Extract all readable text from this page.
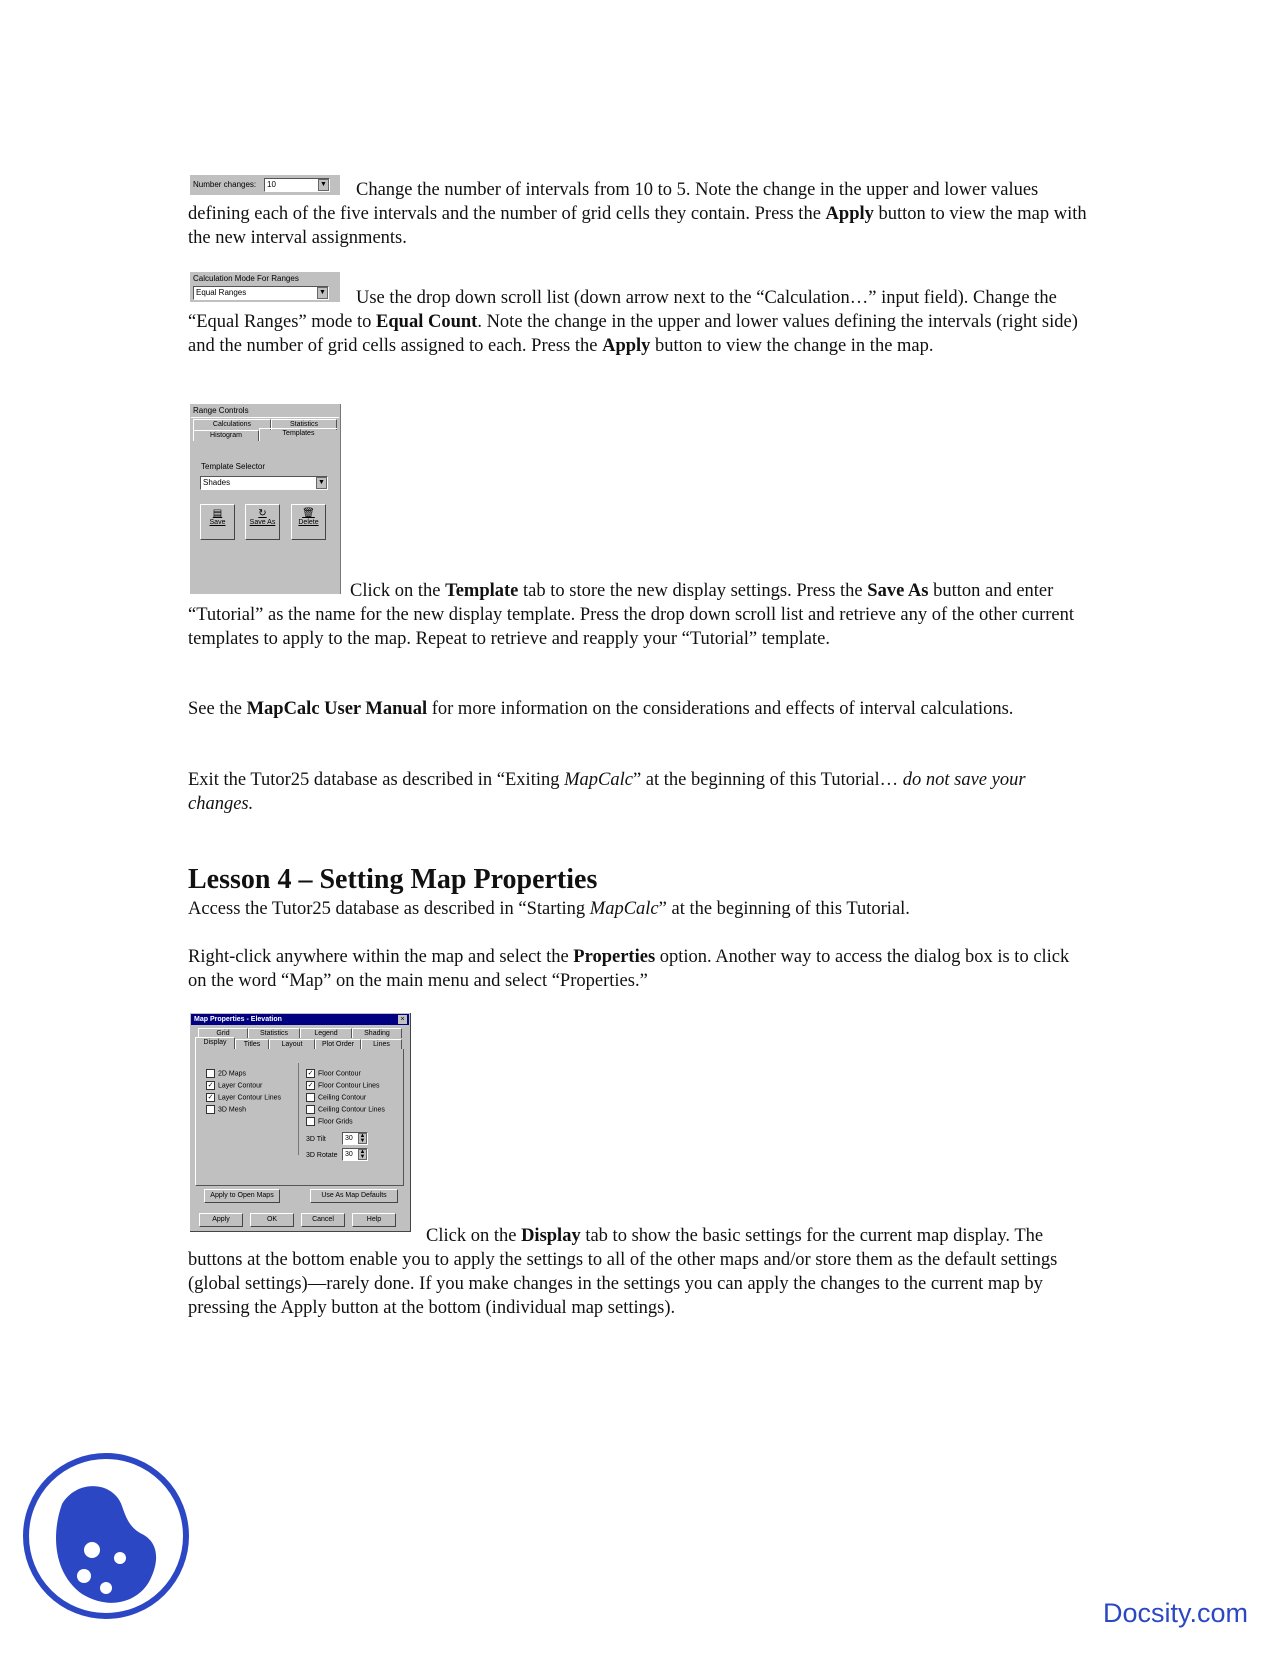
Number changes:	10	▼	Change the number of intervals from 10 to 5. Note the change in the upper and lower values defining each of the five intervals and the number of grid cells they contain. Press the Apply button to view the map with the new interval assignments.

Calculation Mode For Ranges
Equal Ranges	▼	Use the drop down scroll list (down arrow next to the “Calculation…” input field). Change the “Equal Ranges” mode to Equal Count. Note the change in the upper and lower values defining the intervals (right side) and the number of grid cells assigned to each. Press the Apply button to view the change in the map.

Range Controls
Calculations	Statistics
Histogram	Templates
Template Selector
Shades	▼
▤
Save
↻
Save As
🗑
Delete

Click on the Template tab to store the new display settings. Press the Save As button and enter “Tutorial” as the name for the new display template. Press the drop down scroll list and retrieve any of the other current templates to apply to the map. Repeat to retrieve and reapply your “Tutorial” template.

See the MapCalc User Manual for more information on the considerations and effects of interval calculations.

Exit the Tutor25 database as described in “Exiting MapCalc” at the beginning of this Tutorial… do not save your changes.

Lesson 4 – Setting Map Properties

Access the Tutor25 database as described in “Starting MapCalc” at the beginning of this Tutorial.

Right-click anywhere within the map and select the Properties option. Another way to access the dialog box is to click on the word “Map” on the main menu and select “Properties.”

Map Properties - Elevation	×
Grid	Statistics	Legend	Shading
Display	Titles	Layout	Plot Order	Lines
2D Maps
✓ Layer Contour
✓ Layer Contour Lines
3D Mesh
✓ Floor Contour
✓ Floor Contour Lines
Ceiling Contour
Ceiling Contour Lines
Floor Grids
3D Tilt	30	▲
▼
3D Rotate	30	▲
▼
Apply to Open Maps	Use As Map Defaults
Apply	OK	Cancel	Help

Click on the Display tab to show the basic settings for the current map display. The buttons at the bottom enable you to apply the settings to all of the other maps and/or store them as the default settings (global settings)—rarely done. If you make changes in the settings you can apply the changes to the current map by pressing the Apply button at the bottom (individual map settings).

Docsity.com
